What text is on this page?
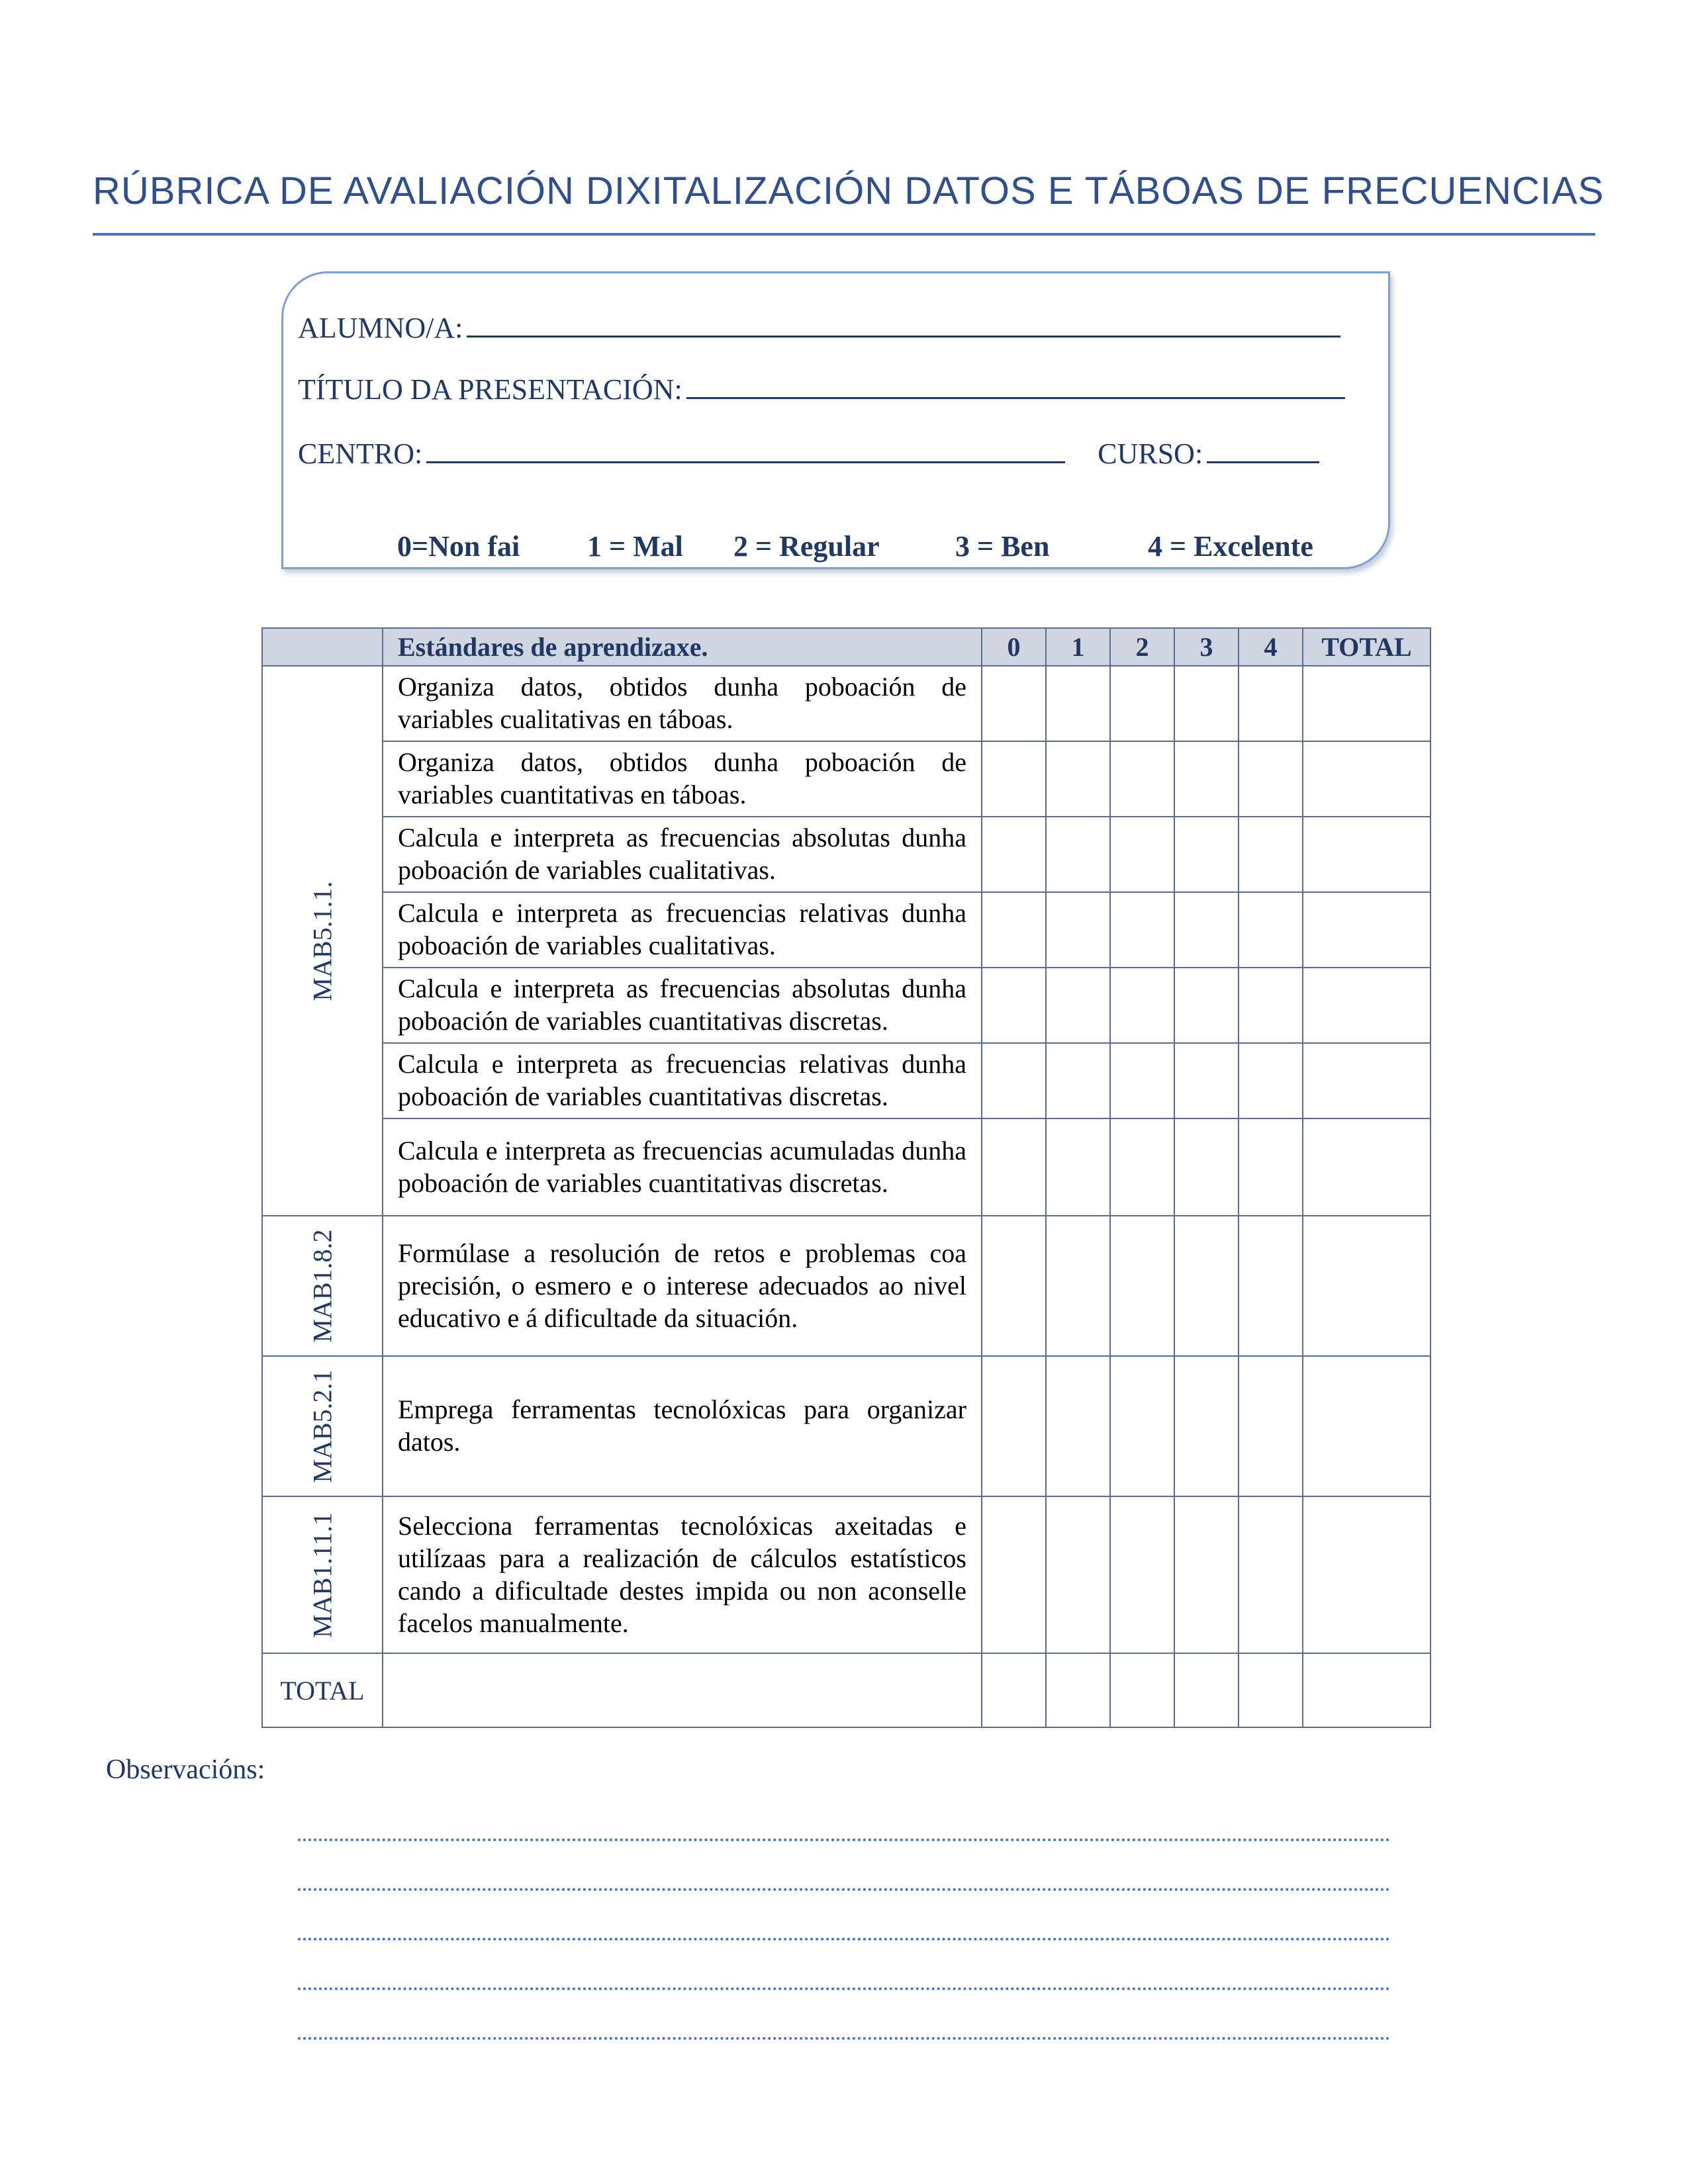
RÚBRICA DE AVALIACIÓN DIXITALIZACIÓN DATOS E TÁBOAS DE FRECUENCIAS
ALUMNO/A:
TÍTULO DA PRESENTACIÓN:
CENTRO:	CURSO:
0=Non fai 1 = Mal 2 = Regular	3 = Ben	4 = Excelente
	Estándares de aprendizaxe.	0	1	2	3	4	TOTAL

MAB5.1.1.	Organiza datos, obtidos dunha poboación de variables cualitativas en táboas.						
	Organiza datos, obtidos dunha poboación de variables cuantitativas en táboas.						
	Calcula e interpreta as frecuencias absolutas dunha poboación de variables cualitativas.						
	Calcula e interpreta as frecuencias relativas dunha poboación de variables cualitativas.						
	Calcula e interpreta as frecuencias absolutas dunha poboación de variables cuantitativas discretas.						
	Calcula e interpreta as frecuencias relativas dunha poboación de variables cuantitativas discretas.						
	Calcula e interpreta as frecuencias acumuladas dunha poboación de variables cuantitativas discretas.						

MAB1.8.2	Formúlase a resolución de retos e problemas coa precisión, o esmero e o interese adecuados ao nivel educativo e á dificultade da situación.						

MAB5.2.1	Emprega ferramentas tecnolóxicas para organizar datos.						

MAB1.11.1	Selecciona ferramentas tecnolóxicas axeitadas e utilízaas para a realización de cálculos estatísticos cando a dificultade destes impida ou non aconselle facelos manualmente.						
TOTAL							
Observacións:
